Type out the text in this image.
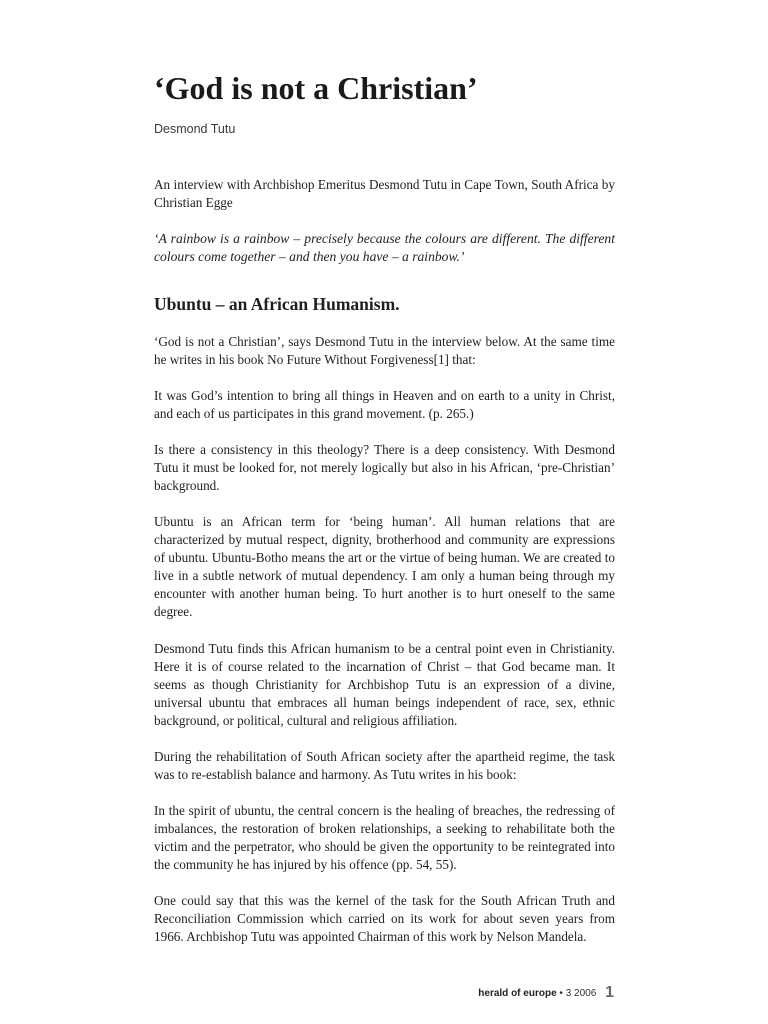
‘God is not a Christian’

Desmond Tutu

An interview with Archbishop Emeritus Desmond Tutu in Cape Town, South Africa by Christian Egge

‘A rainbow is a rainbow – precisely because the colours are different. The different colours come together – and then you have – a rainbow.’

Ubuntu – an African Humanism.

‘God is not a Christian’, says Desmond Tutu in the interview below. At the same time he writes in his book No Future Without Forgiveness[1] that:

It was God’s intention to bring all things in Heaven and on earth to a unity in Christ, and each of us participates in this grand movement. (p. 265.)

Is there a consistency in this theology? There is a deep consistency. With Desmond Tutu it must be looked for, not merely logically but also in his African, ‘pre-Christian’ background.

Ubuntu is an African term for ‘being human’. All human relations that are characterized by mutual respect, dignity, brotherhood and community are expressions of ubuntu. Ubuntu-Botho means the art or the virtue of being human. We are created to live in a subtle network of mutual dependency. I am only a human being through my encounter with another human being. To hurt another is to hurt oneself to the same degree.

Desmond Tutu finds this African humanism to be a central point even in Christianity. Here it is of course related to the incarnation of Christ – that God became man. It seems as though Christianity for Archbishop Tutu is an expression of a divine, universal ubuntu that embraces all human beings independent of race, sex, ethnic background, or political, cultural and religious affiliation.

During the rehabilitation of South African society after the apartheid regime, the task was to re-establish balance and harmony. As Tutu writes in his book:

In the spirit of ubuntu, the central concern is the healing of breaches, the redressing of imbalances, the restoration of broken relationships, a seeking to rehabilitate both the victim and the perpetrator, who should be given the opportunity to be reintegrated into the community he has injured by his offence (pp. 54, 55).

One could say that this was the kernel of the task for the South African Truth and Reconciliation Commission which carried on its work for about seven years from 1966. Archbishop Tutu was appointed Chairman of this work by Nelson Mandela.

herald of europe • 3 2006 1
